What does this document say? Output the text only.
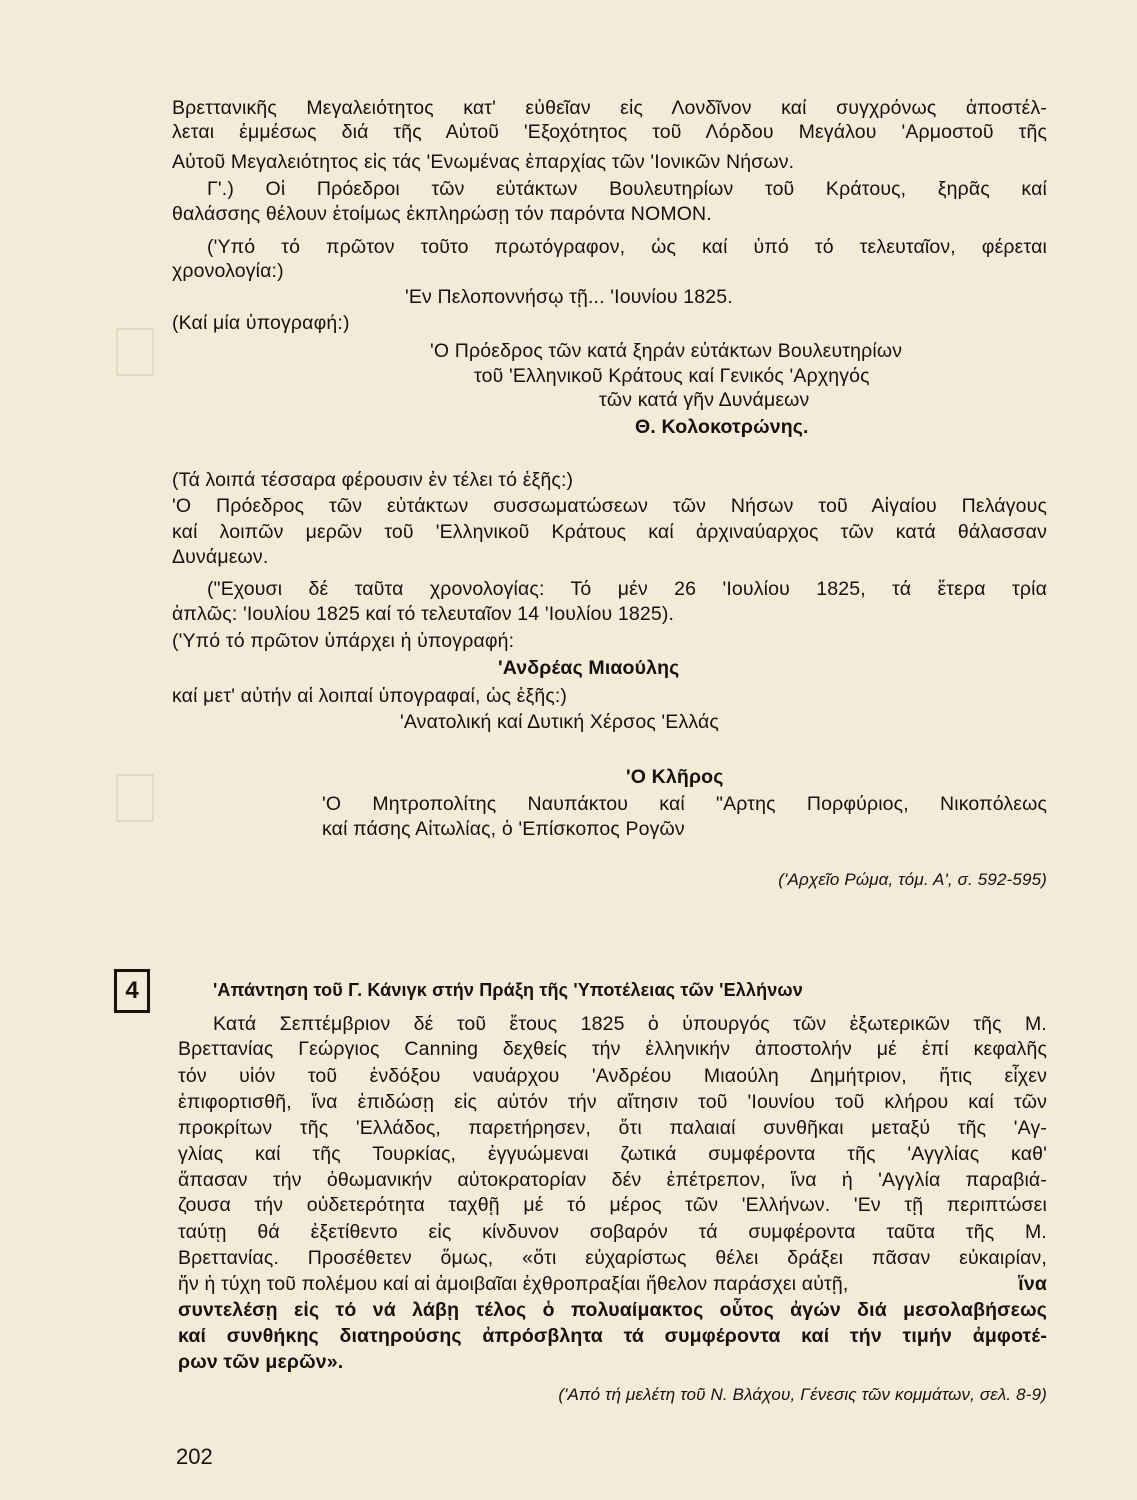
Βρεττανικῆς Μεγαλειότητος κατ' εὐθεῖαν εἰς Λονδῖνον καί συγχρόνως ἀποστέλ-
λεται ἐμμέσως διά τῆς Αὐτοῦ 'Εξοχότητος τοῦ Λόρδου Μεγάλου 'Αρμοστοῦ τῆς
Αὐτοῦ Μεγαλειότητος εἰς τάς 'Ενωμένας ἐπαρχίας τῶν 'Ιονικῶν Νήσων.
Γ'.) Οἱ Πρόεδροι τῶν εὐτάκτων Βουλευτηρίων τοῦ Κράτους, ξηρᾶς καί
θαλάσσης θέλουν ἑτοίμως ἐκπληρώσῃ τόν παρόντα ΝΟΜΟΝ.
('Υπό τό πρῶτον τοῦτο πρωτόγραφον, ὡς καί ὑπό τό τελευταῖον, φέρεται
χρονολογία:)
'Εν Πελοποννήσῳ τῇ... 'Ιουνίου 1825.
(Καί μία ὑπογραφή:)
'Ο Πρόεδρος τῶν κατά ξηράν εὐτάκτων Βουλευτηρίων
τοῦ 'Ελληνικοῦ Κράτους καί Γενικός 'Αρχηγός
τῶν κατά γῆν Δυνάμεων
Θ. Κολοκοτρώνης.
(Τά λοιπά τέσσαρα φέρουσιν ἐν τέλει τό ἑξῆς:)
'Ο Πρόεδρος τῶν εὐτάκτων συσσωματώσεων τῶν Νήσων τοῦ Αἰγαίου Πελάγους
καί λοιπῶν μερῶν τοῦ 'Ελληνικοῦ Κράτους καί ἀρχιναύαρχος τῶν κατά θάλασσαν
Δυνάμεων.
("Εχουσι δέ ταῦτα χρονολογίας: Τό μέν 26 'Ιουλίου 1825, τά ἕτερα τρία
ἁπλῶς: 'Ιουλίου 1825 καί τό τελευταῖον 14 'Ιουλίου 1825).
('Υπό τό πρῶτον ὑπάρχει ἡ ὑπογραφή:
'Ανδρέας Μιαούλης
καί μετ' αὐτήν αἱ λοιπαί ὑπογραφαί, ὡς ἑξῆς:)
'Ανατολική καί Δυτική Χέρσος 'Ελλάς
'Ο Κλῆρος
'Ο Μητροπολίτης Ναυπάκτου καί "Αρτης Πορφύριος, Νικοπόλεως
καί πάσης Αἰτωλίας, ὁ 'Επίσκοπος Ρογῶν
('Αρχεῖο Ρώμα, τόμ. Α', σ. 592-595)
4	'Απάντηση τοῦ Γ. Κάνιγκ στήν Πράξη τῆς 'Υποτέλειας τῶν 'Ελλήνων
Κατά Σεπτέμβριον δέ τοῦ ἔτους 1825 ὁ ὑπουργός τῶν ἐξωτερικῶν τῆς Μ.
Βρεττανίας Γεώργιος Canning δεχθείς τήν ἑλληνικήν ἀποστολήν μέ ἐπί κεφαλῆς
τόν υἱόν τοῦ ἐνδόξου ναυάρχου 'Ανδρέου Μιαούλη Δημήτριον, ἥτις εἶχεν
ἐπιφορτισθῆ, ἵνα ἐπιδώσῃ εἰς αὐτόν τήν αἴτησιν τοῦ 'Ιουνίου τοῦ κλήρου καί τῶν
προκρίτων τῆς 'Ελλάδος, παρετήρησεν, ὅτι παλαιαί συνθῆκαι μεταξύ τῆς 'Αγ-
γλίας καί τῆς Τουρκίας, ἐγγυώμεναι ζωτικά συμφέροντα τῆς 'Αγγλίας καθ'
ἅπασαν τήν ὀθωμανικήν αὐτοκρατορίαν δέν ἐπέτρεπον, ἵνα ἡ 'Αγγλία παραβιά-
ζουσα τήν οὐδετερότητα ταχθῇ μέ τό μέρος τῶν 'Ελλήνων. 'Εν τῇ περιπτώσει
ταύτῃ θά ἐξετίθεντο εἰς κίνδυνον σοβαρόν τά συμφέροντα ταῦτα τῆς Μ.
Βρεττανίας. Προσέθετεν ὅμως, «ὅτι εὐχαρίστως θέλει δράξει πᾶσαν εὐκαιρίαν,
ἥν ἡ τύχη τοῦ πολέμου καί αἱ ἀμοιβαῖαι ἐχθροπραξίαι ἤθελον παράσχει αὐτῇ,	ἵνα
συντελέσῃ εἰς τό νά λάβῃ τέλος ὁ πολυαίμακτος οὗτος ἀγών διά μεσολαβήσεως
καί συνθήκης διατηρούσης ἀπρόσβλητα τά συμφέροντα καί τήν τιμήν ἀμφοτέ-
ρων τῶν μερῶν».
('Από τή μελέτη τοῦ Ν. Βλάχου, Γένεσις τῶν κομμάτων, σελ. 8-9)
202
